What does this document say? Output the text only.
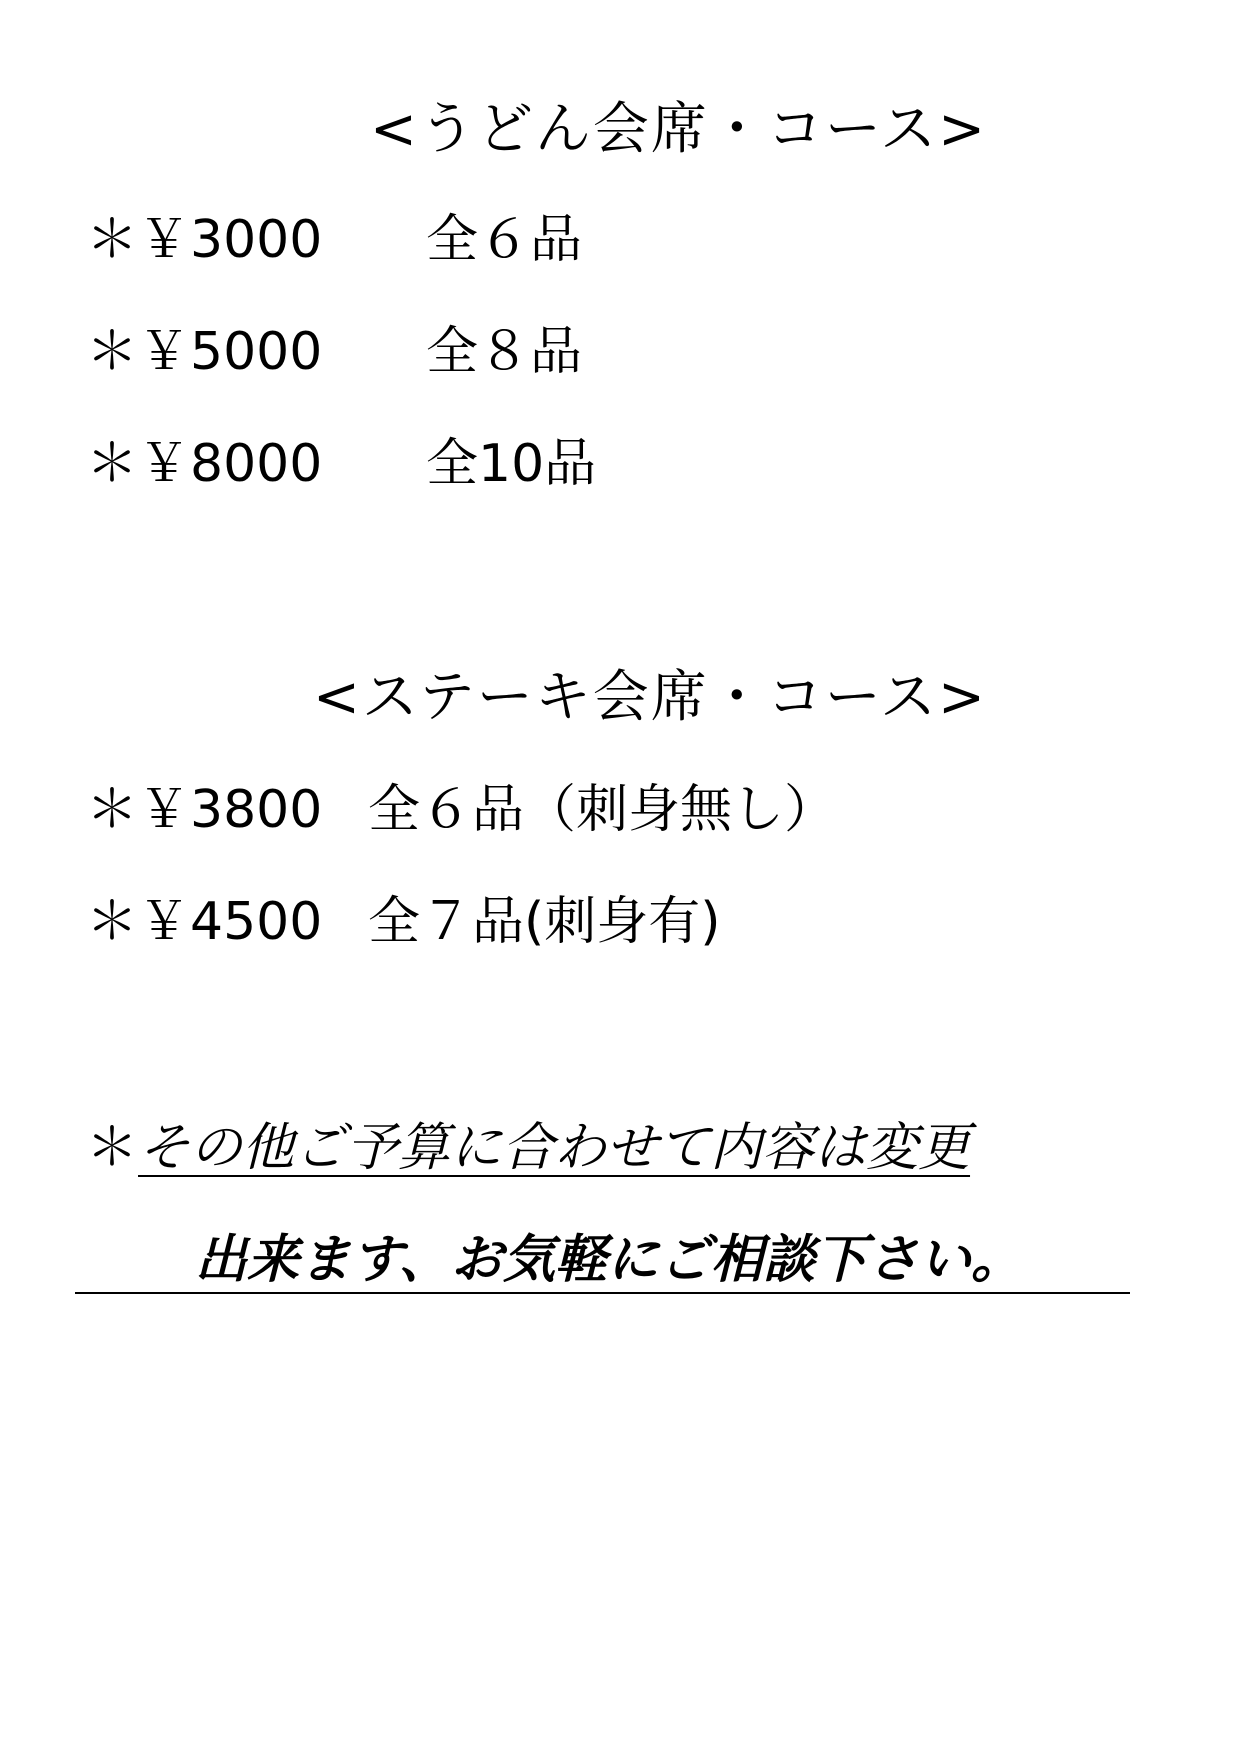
<うどん会席・コース>
＊￥3000 全６品
＊￥5000 全８品
＊￥8000 全10品
<ステーキ会席・コース>
＊￥3800 全６品（刺身無し）
＊￥4500 全７品(刺身有)
＊その他ご予算に合わせて内容は変更
出来ます、お気軽にご相談下さい。
